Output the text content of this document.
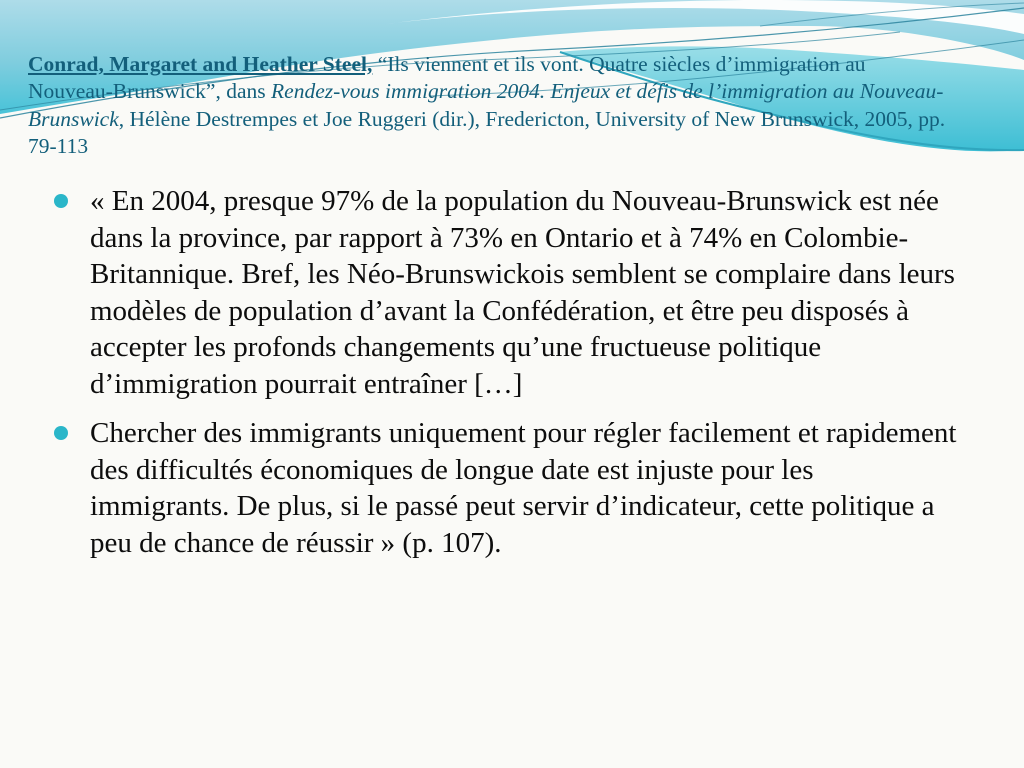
Conrad, Margaret and Heather Steel, “Ils viennent et ils vont. Quatre siècles d’immigration au Nouveau-Brunswick”, dans Rendez-vous immigration 2004. Enjeux et défis de l’immigration au Nouveau-Brunswick, Hélène Destrempes et Joe Ruggeri (dir.), Fredericton, University of New Brunswick, 2005, pp. 79-113

« En 2004, presque 97% de la population du Nouveau-Brunswick est née dans la province, par rapport à 73% en Ontario et à 74% en Colombie-Britannique. Bref, les Néo-Brunswickois semblent se complaire dans leurs modèles de population d’avant la Confédération, et être peu disposés à accepter les profonds changements qu’une fructueuse politique d’immigration pourrait entraîner […]
Chercher des immigrants uniquement pour régler facilement et rapidement des difficultés économiques de longue date est injuste pour les immigrants. De plus, si le passé peut servir d’indicateur, cette politique a peu de chance de réussir » (p. 107).
